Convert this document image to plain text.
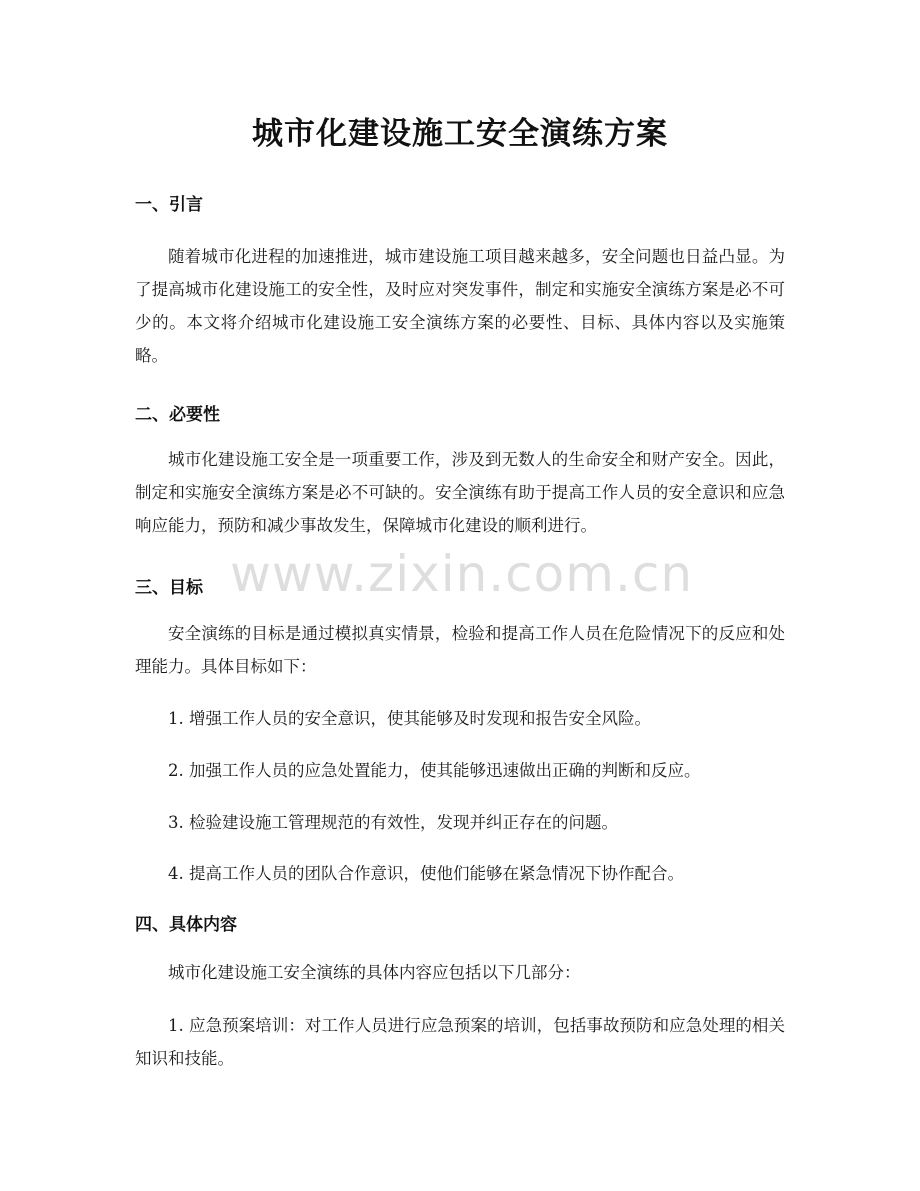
城市化建设施工安全演练方案
一、引言
随着城市化进程的加速推进，城市建设施工项目越来越多，安全问题也日益凸显。为了提高城市化建设施工的安全性，及时应对突发事件，制定和实施安全演练方案是必不可少的。本文将介绍城市化建设施工安全演练方案的必要性、目标、具体内容以及实施策略。
二、必要性
城市化建设施工安全是一项重要工作，涉及到无数人的生命安全和财产安全。因此，制定和实施安全演练方案是必不可缺的。安全演练有助于提高工作人员的安全意识和应急响应能力，预防和减少事故发生，保障城市化建设的顺利进行。
三、目标
安全演练的目标是通过模拟真实情景，检验和提高工作人员在危险情况下的反应和处理能力。具体目标如下：
1. 增强工作人员的安全意识，使其能够及时发现和报告安全风险。
2. 加强工作人员的应急处置能力，使其能够迅速做出正确的判断和反应。
3. 检验建设施工管理规范的有效性，发现并纠正存在的问题。
4. 提高工作人员的团队合作意识，使他们能够在紧急情况下协作配合。
四、具体内容
城市化建设施工安全演练的具体内容应包括以下几部分：
1. 应急预案培训：对工作人员进行应急预案的培训，包括事故预防和应急处理的相关知识和技能。
www.zixin.com.cn
